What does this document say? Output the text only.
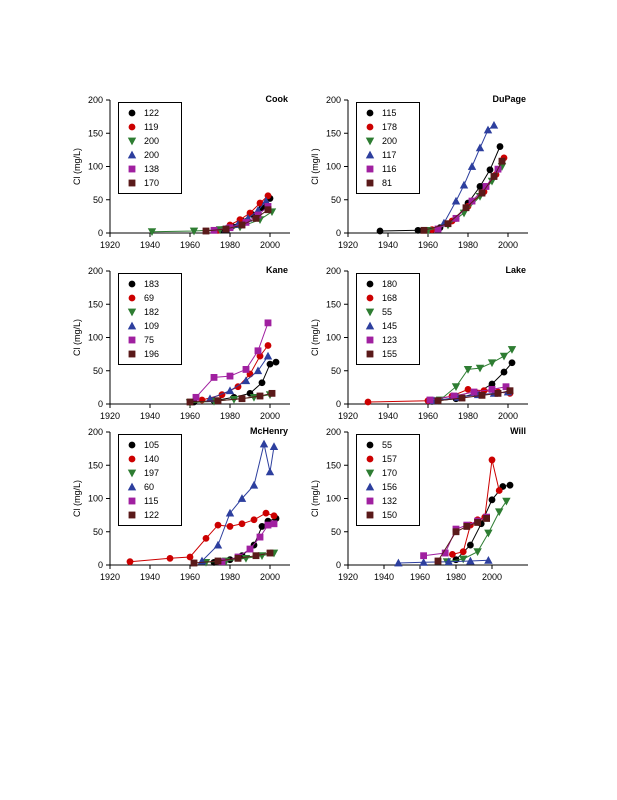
0
50
100
150
200
1920 1940 1960 1980 2000
Cl (mg/L)
Cook
122
119
200
200
138
170
0
50
100
150
200
1920 1940 1960 1980 2000
Cl (mg/l )
DuPage
115
178
200
117
116
81
0
50
100
150
200
1920 1940 1960 1980 2000
Cl (mg/L)
Kane
183
69
182
109
75
196
0
50
100
150
200
1920 1940 1960 1980 2000
Cl (mg/L)
Lake
180
168
55
145
123
155
0
50
100
150
200
1920 1940 1960 1980 2000
Cl (mg/L)
McHenry
105
140
197
60
115
122
0
50
100
150
200
1920 1940 1960 1980 2000
Cl (mg/L)
Will
55
157
170
156
132
150
